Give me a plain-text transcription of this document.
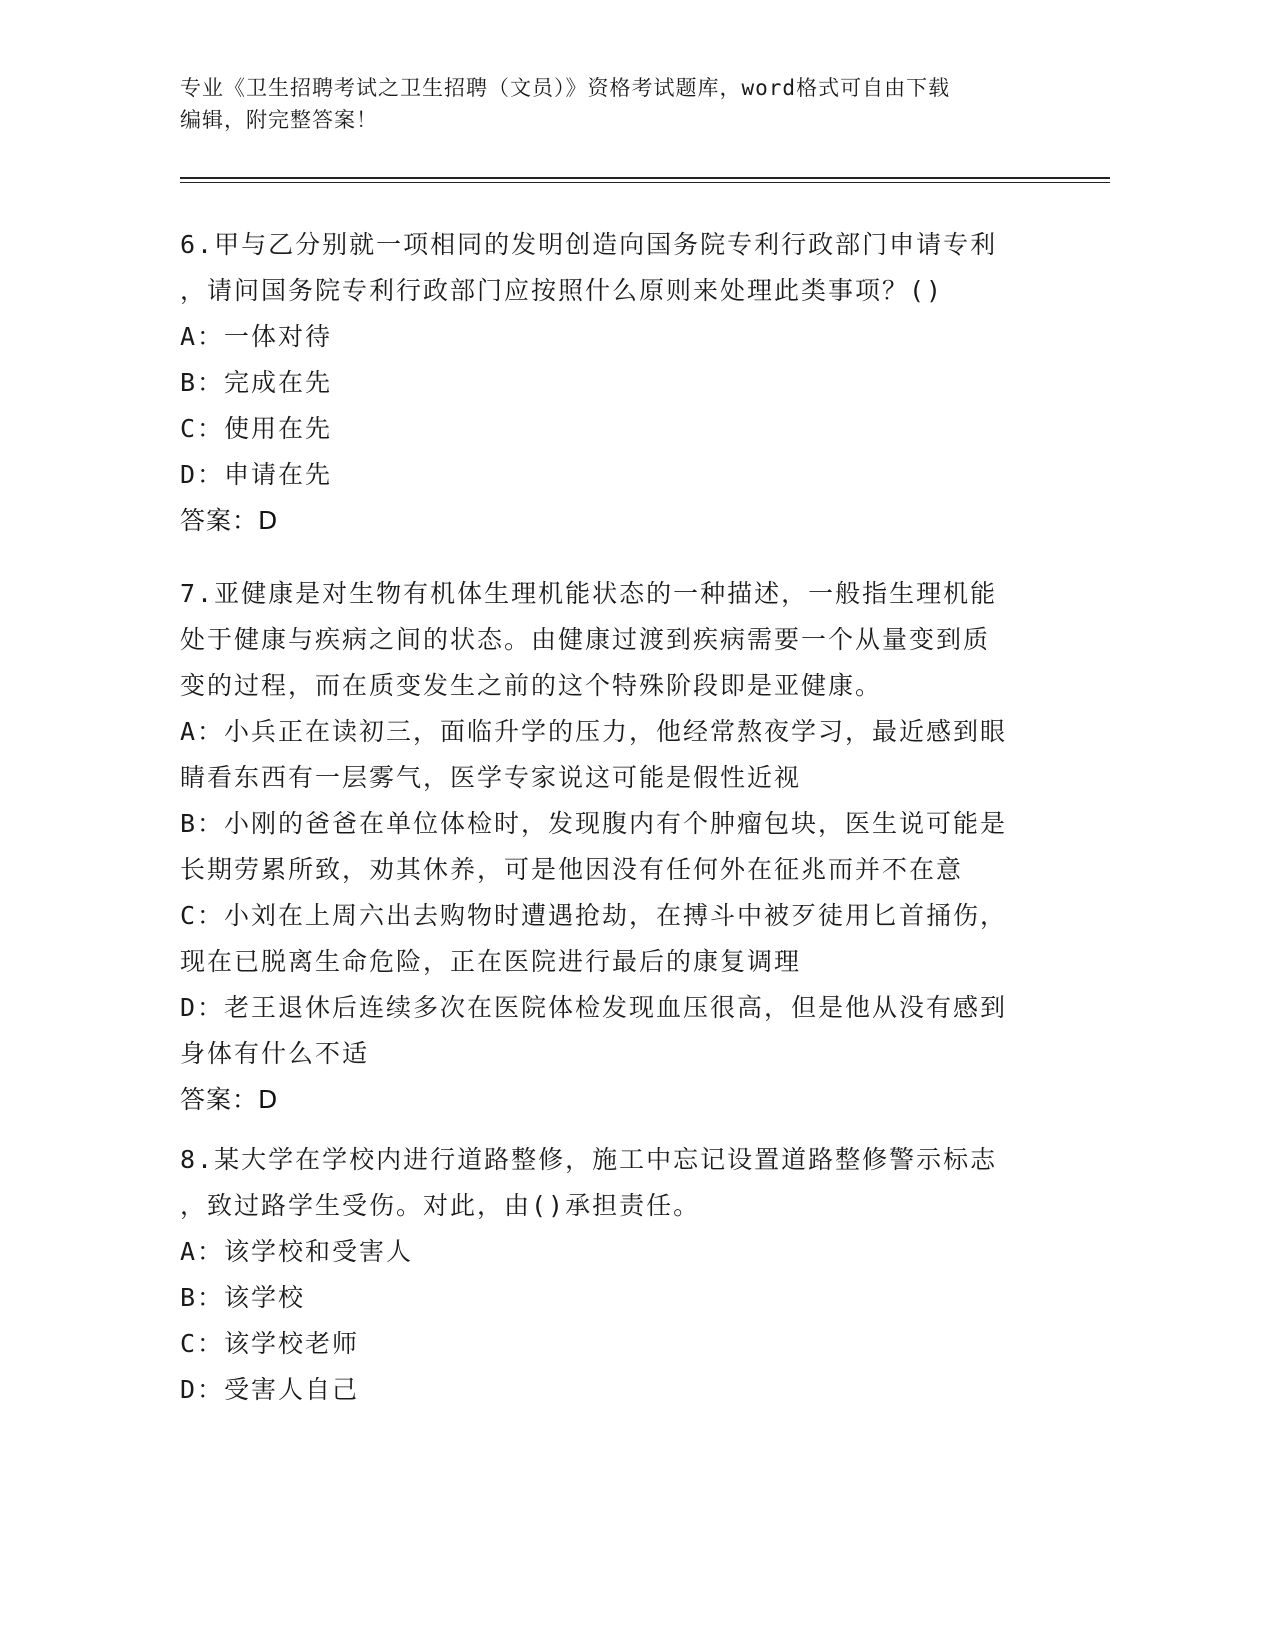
专业《卫生招聘考试之卫生招聘（文员）》资格考试题库，word格式可自由下载
编辑，附完整答案！
6.甲与乙分别就一项相同的发明创造向国务院专利行政部门申请专利
，请问国务院专利行政部门应按照什么原则来处理此类事项？()
A：一体对待
B：完成在先
C：使用在先
D：申请在先
答案：D
7.亚健康是对生物有机体生理机能状态的一种描述，一般指生理机能
处于健康与疾病之间的状态。由健康过渡到疾病需要一个从量变到质
变的过程，而在质变发生之前的这个特殊阶段即是亚健康。
A：小兵正在读初三，面临升学的压力，他经常熬夜学习，最近感到眼
睛看东西有一层雾气，医学专家说这可能是假性近视
B：小刚的爸爸在单位体检时，发现腹内有个肿瘤包块，医生说可能是
长期劳累所致，劝其休养，可是他因没有任何外在征兆而并不在意
C：小刘在上周六出去购物时遭遇抢劫，在搏斗中被歹徒用匕首捅伤，
现在已脱离生命危险，正在医院进行最后的康复调理
D：老王退休后连续多次在医院体检发现血压很高，但是他从没有感到
身体有什么不适
答案：D
8.某大学在学校内进行道路整修，施工中忘记设置道路整修警示标志
，致过路学生受伤。对此，由()承担责任。
A：该学校和受害人
B：该学校
C：该学校老师
D：受害人自己
